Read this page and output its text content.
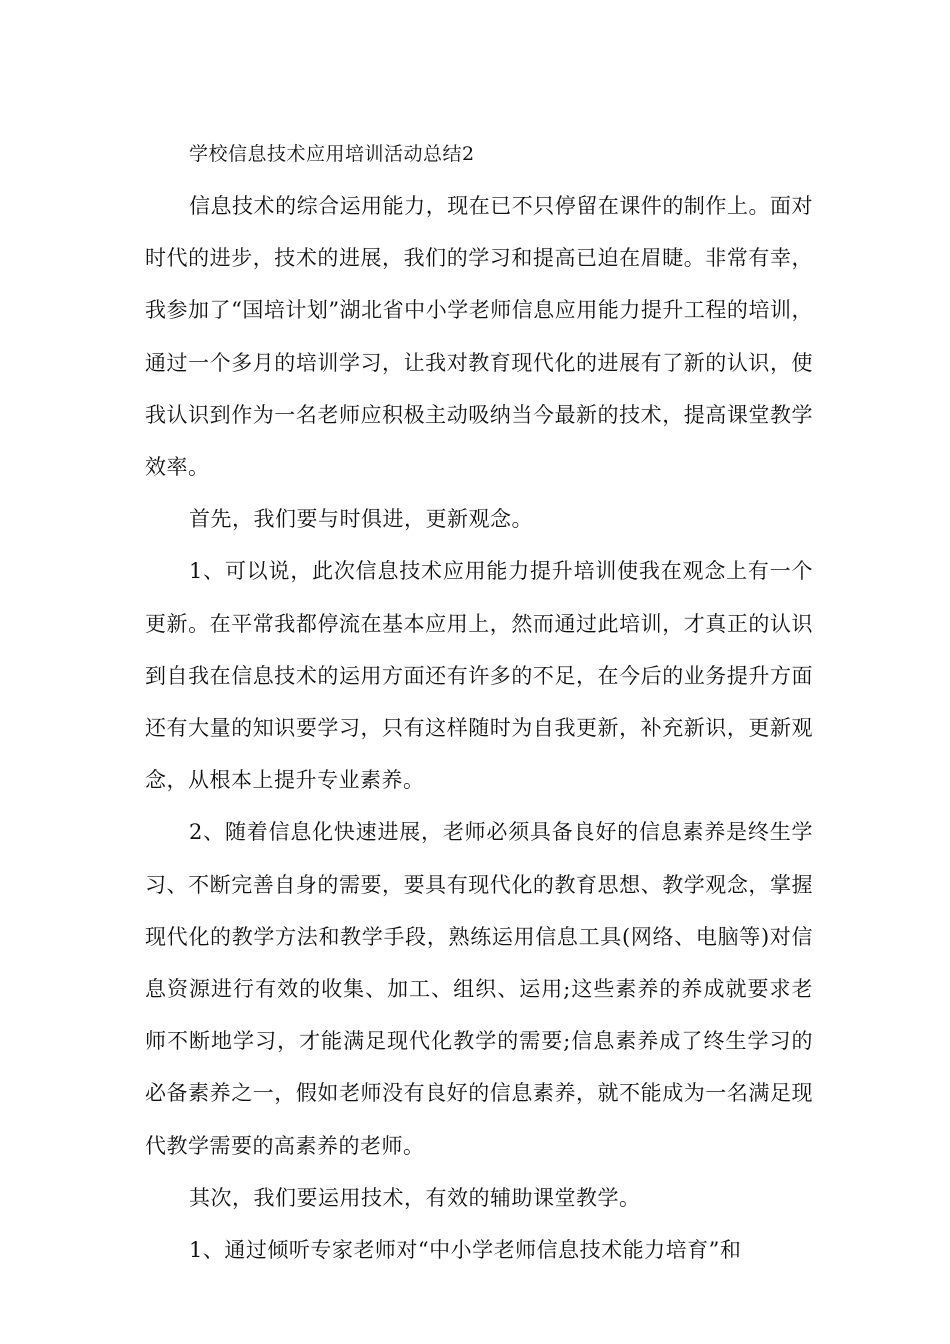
学校信息技术应用培训活动总结2

信息技术的综合运用能力，现在已不只停留在课件的制作上。面对时代的进步，技术的进展，我们的学习和提高已迫在眉睫。非常有幸，我参加了“国培计划”湖北省中小学老师信息应用能力提升工程的培训，通过一个多月的培训学习，让我对教育现代化的进展有了新的认识，使我认识到作为一名老师应积极主动吸纳当今最新的技术，提高课堂教学效率。

首先，我们要与时俱进，更新观念。

1、可以说，此次信息技术应用能力提升培训使我在观念上有一个更新。在平常我都停流在基本应用上，然而通过此培训，才真正的认识到自我在信息技术的运用方面还有许多的不足，在今后的业务提升方面还有大量的知识要学习，只有这样随时为自我更新，补充新识，更新观念，从根本上提升专业素养。

2、随着信息化快速进展，老师必须具备良好的信息素养是终生学习、不断完善自身的需要，要具有现代化的教育思想、教学观念，掌握现代化的教学方法和教学手段，熟练运用信息工具(网络、电脑等)对信息资源进行有效的收集、加工、组织、运用;这些素养的养成就要求老师不断地学习，才能满足现代化教学的需要;信息素养成了终生学习的必备素养之一，假如老师没有良好的信息素养，就不能成为一名满足现代教学需要的高素养的老师。

其次，我们要运用技术，有效的辅助课堂教学。

1、通过倾听专家老师对“中小学老师信息技术能力培育”和
